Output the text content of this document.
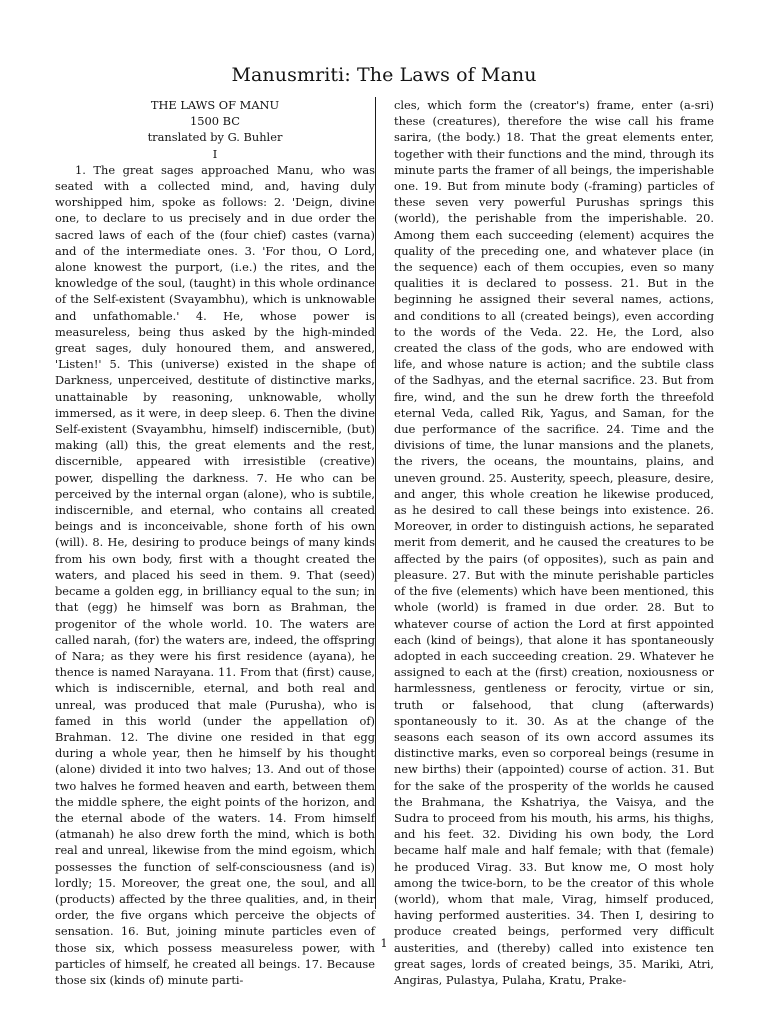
Manusmriti: The Laws of Manu
THE LAWS OF MANU
1500 BC
translated by G. Buhler
I

1. The great sages approached Manu, who was seated with a collected mind, and, having duly worshipped him, spoke as follows: 2. 'Deign, divine one, to declare to us precisely and in due order the sacred laws of each of the (four chief) castes (varna) and of the intermediate ones. 3. 'For thou, O Lord, alone knowest the purport, (i.e.) the rites, and the knowledge of the soul, (taught) in this whole ordinance of the Self-existent (Svayambhu), which is unknowable and unfathomable.' 4. He, whose power is measureless, being thus asked by the high-minded great sages, duly honoured them, and answered, 'Listen!' 5. This (universe) existed in the shape of Darkness, unperceived, destitute of distinctive marks, unattainable by reasoning, unknowable, wholly immersed, as it were, in deep sleep. 6. Then the divine Self-existent (Svayambhu, himself) indiscernible, (but) making (all) this, the great elements and the rest, discernible, appeared with irresistible (creative) power, dispelling the darkness. 7. He who can be perceived by the internal organ (alone), who is subtile, indiscernible, and eternal, who contains all created beings and is inconceivable, shone forth of his own (will). 8. He, desiring to produce beings of many kinds from his own body, first with a thought created the waters, and placed his seed in them. 9. That (seed) became a golden egg, in brilliancy equal to the sun; in that (egg) he himself was born as Brahman, the progenitor of the whole world. 10. The waters are called narah, (for) the waters are, indeed, the offspring of Nara; as they were his first residence (ayana), he thence is named Narayana. 11. From that (first) cause, which is indiscernible, eternal, and both real and unreal, was produced that male (Purusha), who is famed in this world (under the appellation of) Brahman. 12. The divine one resided in that egg during a whole year, then he himself by his thought (alone) divided it into two halves; 13. And out of those two halves he formed heaven and earth, between them the middle sphere, the eight points of the horizon, and the eternal abode of the waters. 14. From himself (atmanah) he also drew forth the mind, which is both real and unreal, likewise from the mind egoism, which possesses the function of self-consciousness (and is) lordly; 15. Moreover, the great one, the soul, and all (products) affected by the three qualities, and, in their order, the five organs which perceive the objects of sensation. 16. But, joining minute particles even of those six, which possess measureless power, with particles of himself, he created all beings. 17. Because those six (kinds of) minute parti-

cles, which form the (creator's) frame, enter (a-sri) these (creatures), therefore the wise call his frame sarira, (the body.) 18. That the great elements enter, together with their functions and the mind, through its minute parts the framer of all beings, the imperishable one. 19. But from minute body (-framing) particles of these seven very powerful Purushas springs this (world), the perishable from the imperishable. 20. Among them each succeeding (element) acquires the quality of the preceding one, and whatever place (in the sequence) each of them occupies, even so many qualities it is declared to possess. 21. But in the beginning he assigned their several names, actions, and conditions to all (created beings), even according to the words of the Veda. 22. He, the Lord, also created the class of the gods, who are endowed with life, and whose nature is action; and the subtile class of the Sadhyas, and the eternal sacrifice. 23. But from fire, wind, and the sun he drew forth the threefold eternal Veda, called Rik, Yagus, and Saman, for the due performance of the sacrifice. 24. Time and the divisions of time, the lunar mansions and the planets, the rivers, the oceans, the mountains, plains, and uneven ground. 25. Austerity, speech, pleasure, desire, and anger, this whole creation he likewise produced, as he desired to call these beings into existence. 26. Moreover, in order to distinguish actions, he separated merit from demerit, and he caused the creatures to be affected by the pairs (of opposites), such as pain and pleasure. 27. But with the minute perishable particles of the five (elements) which have been mentioned, this whole (world) is framed in due order. 28. But to whatever course of action the Lord at first appointed each (kind of beings), that alone it has spontaneously adopted in each succeeding creation. 29. Whatever he assigned to each at the (first) creation, noxiousness or harmlessness, gentleness or ferocity, virtue or sin, truth or falsehood, that clung (afterwards) spontaneously to it. 30. As at the change of the seasons each season of its own accord assumes its distinctive marks, even so corporeal beings (resume in new births) their (appointed) course of action. 31. But for the sake of the prosperity of the worlds he caused the Brahmana, the Kshatriya, the Vaisya, and the Sudra to proceed from his mouth, his arms, his thighs, and his feet. 32. Dividing his own body, the Lord became half male and half female; with that (female) he produced Virag. 33. But know me, O most holy among the twice-born, to be the creator of this whole (world), whom that male, Virag, himself produced, having performed austerities. 34. Then I, desiring to produce created beings, performed very difficult austerities, and (thereby) called into existence ten great sages, lords of created beings, 35. Mariki, Atri, Angiras, Pulastya, Pulaha, Kratu, Prake-

1
